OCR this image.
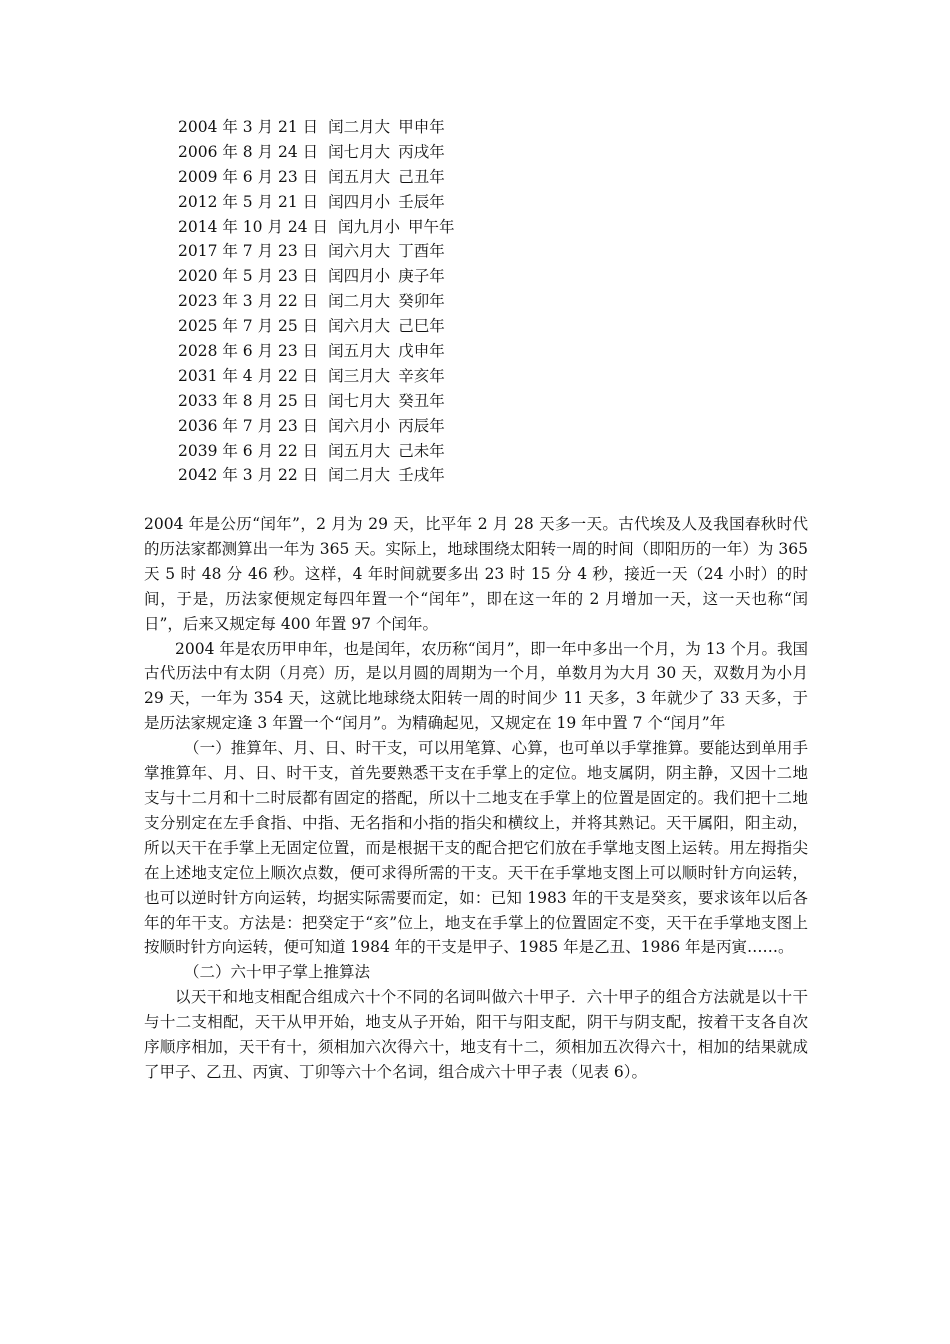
2004 年 3 月 21 日 闰二月大 甲申年
2006 年 8 月 24 日 闰七月大 丙戌年
2009 年 6 月 23 日 闰五月大 己丑年
2012 年 5 月 21 日 闰四月小 壬辰年
2014 年 10 月 24 日 闰九月小 甲午年
2017 年 7 月 23 日 闰六月大 丁酉年
2020 年 5 月 23 日 闰四月小 庚子年
2023 年 3 月 22 日 闰二月大 癸卯年
2025 年 7 月 25 日 闰六月大 己巳年
2028 年 6 月 23 日 闰五月大 戊申年
2031 年 4 月 22 日 闰三月大 辛亥年
2033 年 8 月 25 日 闰七月大 癸丑年
2036 年 7 月 23 日 闰六月小 丙辰年
2039 年 6 月 22 日 闰五月大 己未年
2042 年 3 月 22 日 闰二月大 壬戌年

2004 年是公历“闰年”，2 月为 29 天，比平年 2 月 28 天多一天。古代埃及人及我国春秋时代的历法家都测算出一年为 365 天。实际上，地球围绕太阳转一周的时间（即阳历的一年）为 365 天 5 时 48 分 46 秒。这样，4 年时间就要多出 23 时 15 分 4 秒，接近一天（24 小时）的时间，于是，历法家便规定每四年置一个“闰年”，即在这一年的 2 月增加一天，这一天也称“闰日”，后来又规定每 400 年置 97 个闰年。

2004 年是农历甲申年，也是闰年，农历称“闰月”，即一年中多出一个月，为 13 个月。我国古代历法中有太阴（月亮）历，是以月圆的周期为一个月，单数月为大月 30 天，双数月为小月 29 天，一年为 354 天，这就比地球绕太阳转一周的时间少 11 天多，3 年就少了 33 天多，于是历法家规定逢 3 年置一个“闰月”。为精确起见，又规定在 19 年中置 7 个“闰月”年

（一）推算年、月、日、时干支，可以用笔算、心算，也可单以手掌推算。要能达到单用手掌推算年、月、日、时干支，首先要熟悉干支在手掌上的定位。地支属阴，阴主静，又因十二地支与十二月和十二时辰都有固定的搭配，所以十二地支在手掌上的位置是固定的。我们把十二地支分别定在左手食指、中指、无名指和小指的指尖和横纹上，并将其熟记。天干属阳，阳主动，所以天干在手掌上无固定位置，而是根据干支的配合把它们放在手掌地支图上运转。用左拇指尖在上述地支定位上顺次点数，便可求得所需的干支。天干在手掌地支图上可以顺时针方向运转，也可以逆时针方向运转，均据实际需要而定，如：已知 1983 年的干支是癸亥，要求该年以后各年的年干支。方法是：把癸定于“亥”位上，地支在手掌上的位置固定不变，天干在手掌地支图上按顺时针方向运转，便可知道 1984 年的干支是甲子、1985 年是乙丑、1986 年是丙寅……。

（二）六十甲子掌上推算法

以天干和地支相配合组成六十个不同的名词叫做六十甲子．六十甲子的组合方法就是以十干与十二支相配，天干从甲开始，地支从子开始，阳干与阳支配，阴干与阴支配，按着干支各自次序顺序相加，天干有十，须相加六次得六十，地支有十二，须相加五次得六十，相加的结果就成了甲子、乙丑、丙寅、丁卯等六十个名词，组合成六十甲子表（见表 6）。
